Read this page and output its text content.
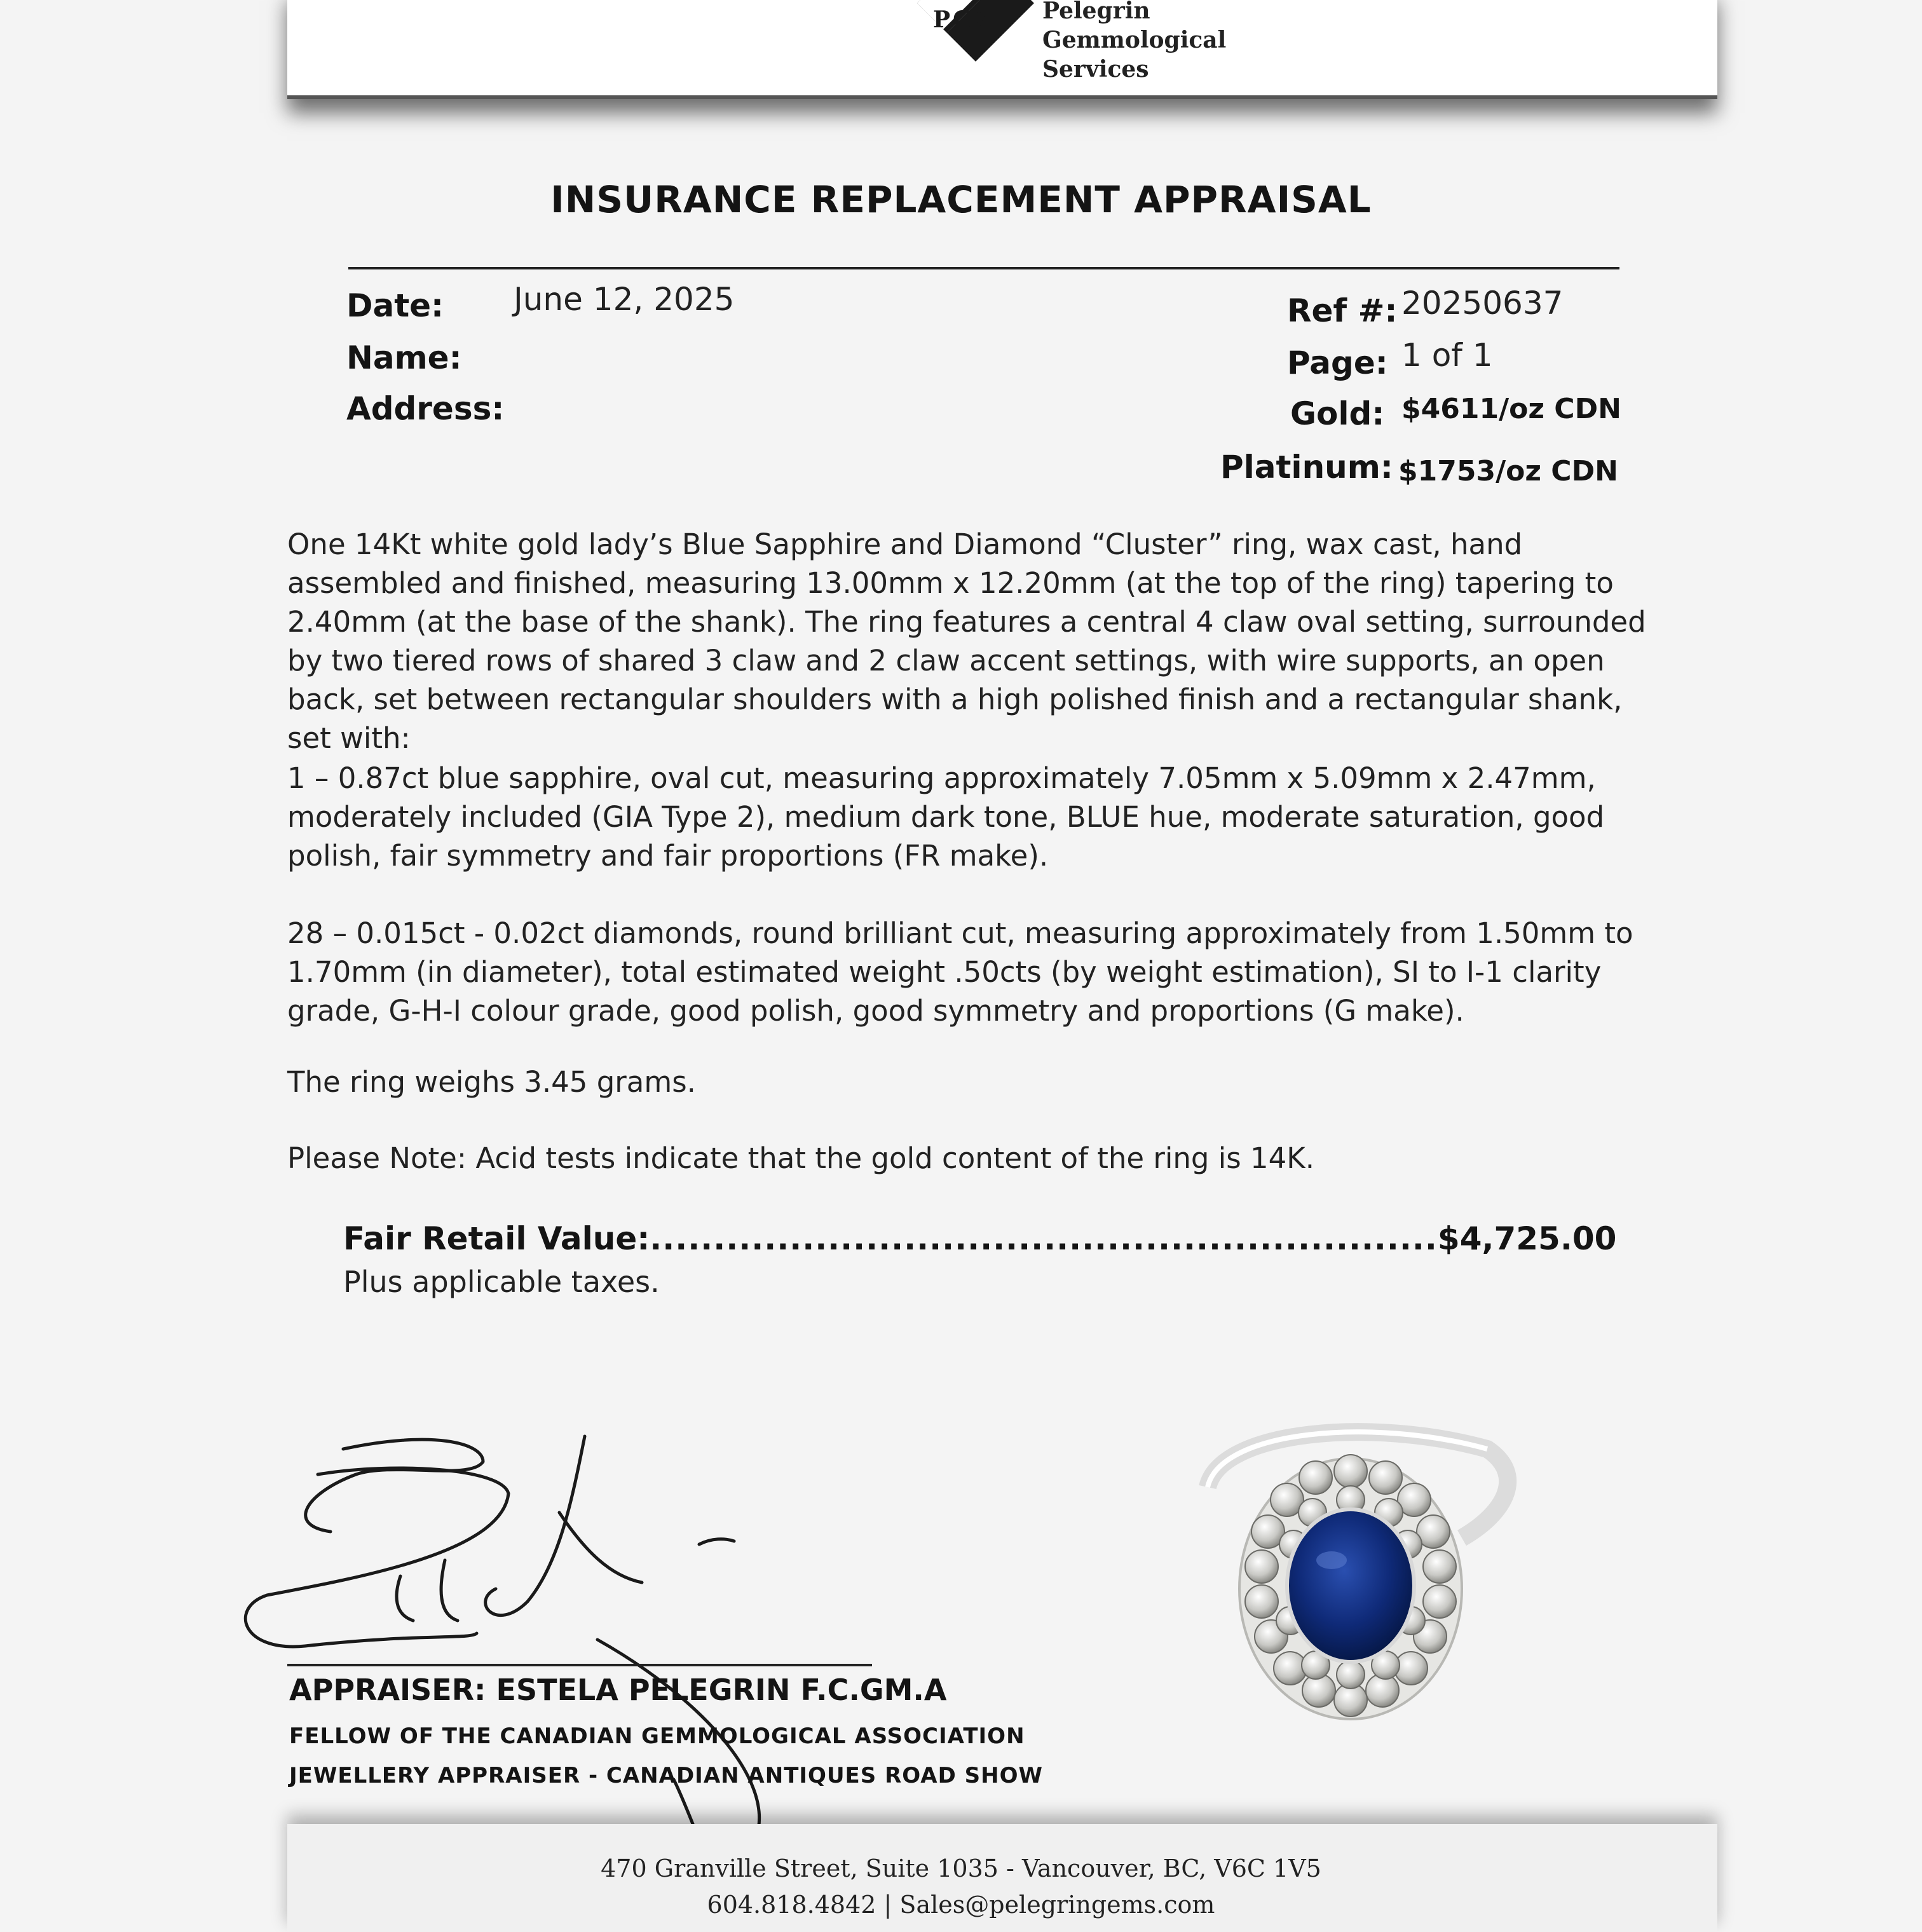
PGS Pelegrin
Gemmological
Services
INSURANCE REPLACEMENT APPRAISAL
Date: June 12, 2025
Name:
Address:
Ref #: 20250637
Page: 1 of 1
Gold: $4611/oz CDN
Platinum: $1753/oz CDN

One 14Kt white gold lady’s Blue Sapphire and Diamond “Cluster” ring, wax cast, hand assembled and finished, measuring 13.00mm x 12.20mm (at the top of the ring) tapering to 2.40mm (at the base of the shank). The ring features a central 4 claw oval setting, surrounded by two tiered rows of shared 3 claw and 2 claw accent settings, with wire supports, an open back, set between rectangular shoulders with a high polished finish and a rectangular shank, set with:

1 – 0.87ct blue sapphire, oval cut, measuring approximately 7.05mm x 5.09mm x 2.47mm, moderately included (GIA Type 2), medium dark tone, BLUE hue, moderate saturation, good polish, fair symmetry and fair proportions (FR make).

28 – 0.015ct - 0.02ct diamonds, round brilliant cut, measuring approximately from 1.50mm to 1.70mm (in diameter), total estimated weight .50cts (by weight estimation), SI to I-1 clarity grade, G-H-I colour grade, good polish, good symmetry and proportions (G make).

The ring weighs 3.45 grams.

Please Note: Acid tests indicate that the gold content of the ring is 14K.

Fair Retail Value:..............................................................$4,725.00
Plus applicable taxes.
APPRAISER: ESTELA PELEGRIN F.C.GM.A
FELLOW OF THE CANADIAN GEMMOLOGICAL ASSOCIATION
JEWELLERY APPRAISER - CANADIAN ANTIQUES ROAD SHOW
470 Granville Street, Suite 1035 - Vancouver, BC, V6C 1V5
604.818.4842 | Sales@pelegringems.com
